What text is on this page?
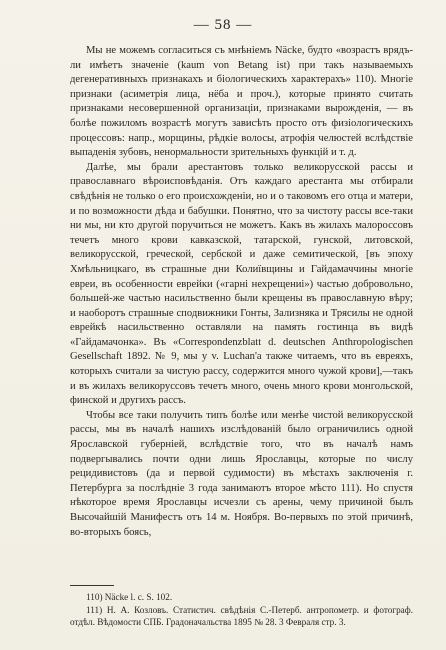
— 58 —

Мы не можемъ согласиться съ мнѣніемъ Näcke, будто «возрастъ врядъ-ли имѣетъ значеніе (kaum von Betang ist) при такъ называемыхъ дегенеративныхъ признакахъ и біологическихъ характерахъ» 110). Многіе признаки (асиметрія лица, нёба и проч.), которые принято считать признаками несовершенной организаціи, признаками вырожденія, — въ болѣе пожиломъ возрастѣ могутъ зависѣть просто отъ физіологическихъ процессовъ: напр., морщины, рѣдкіе волосы, атрофія челюстей вслѣдствіе выпаденія зубовъ, ненормальности зрительныхъ функцій и т. д.

Далѣе, мы брали арестантовъ только великорусской рассы и православнаго вѣроисповѣданія. Отъ каждаго арестанта мы отбирали свѣдѣнія не только о его происхожденіи, но и о таковомъ его отца и матери, и по возможности дѣда и бабушки. Понятно, что за чистоту рассы все-таки ни мы, ни кто другой поручиться не можетъ. Какъ въ жилахъ малороссовъ течетъ много крови кавказской, татарской, гунской, литовской, великорусской, греческой, сербской и даже семитической, [въ эпоху Хмѣльницкаго, въ страшные дни Колиївщины и Гайдамаччины многіе евреи, въ особенности еврейки («гарні нехрещениі») частью добровольно, большей-же частью насильственно были крещены въ православную вѣру; и наоборотъ страшные сподвижники Гонты, Зализняка и Трясилы не одной еврейкѣ насильственно оставляли на память гостинца въ видѣ «Гайдамачонка». Въ «Correspondenzblatt d. deutschen Anthropologischen Gesellschaft 1892. № 9, мы у v. Luchan'a также читаемъ, что въ евреяхъ, которыхъ считали за чистую рассу, содержится много чужой крови],—такъ и въ жилахъ великоруссовъ течетъ много, очень много крови монгольской, финской и другихъ рассъ.

Чтобы все таки получить типъ болѣе или менѣе чистой великорусской рассы, мы въ началѣ нашихъ изслѣдованій было ограничились одной Ярославской губерніей, вслѣдствіе того, что въ началѣ намъ подвергывались почти одни лишь Ярославцы, которые по числу рецидивистовъ (да и первой судимости) въ мѣстахъ заключенія г. Петербурга за послѣдніе 3 года занимаютъ второе мѣсто 111). Но спустя нѣкоторое время Ярославцы исчезли съ арены, чему причиной былъ Высочайшій Манифестъ отъ 14 м. Ноября. Во-первыхъ по этой причинѣ, во-вторыхъ боясь,

110) Näcke l. c. S. 102.

111) Н. А. Козловъ. Статистич. свѣдѣнія С.-Петерб. антропометр. и фотограф. отдѣл. Вѣдомости СПБ. Градоначальства 1895 № 28. 3 Февраля стр. 3.
